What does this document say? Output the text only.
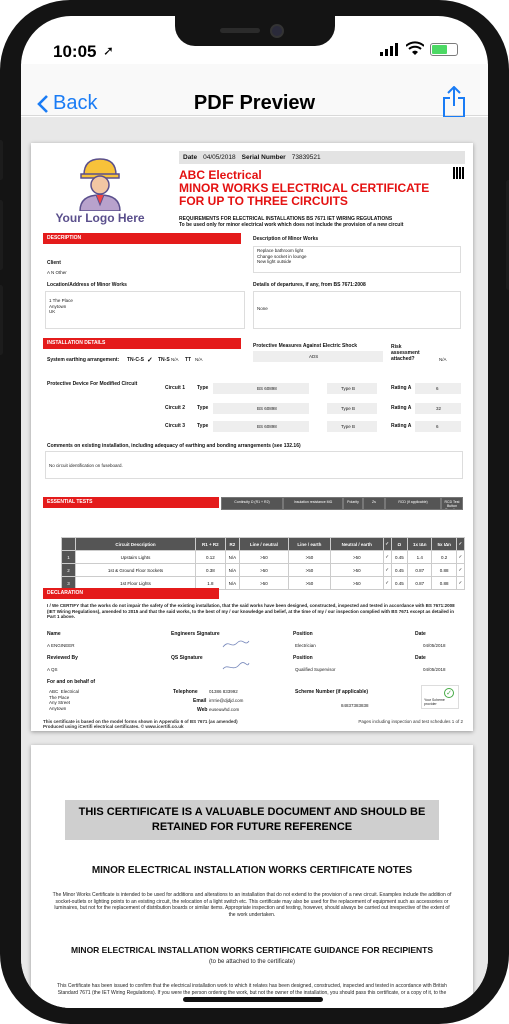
10:05 ➚
Back	PDF Preview
Date 04/05/2018 Serial Number 73839521
Your Logo Here
ABC Electrical
MINOR WORKS ELECTRICAL CERTIFICATE
FOR UP TO THREE CIRCUITS
REQUIREMENTS FOR ELECTRICAL INSTALLATIONS BS 7671 IET WIRING REGULATIONS
To be used only for minor electrical work which does not include the provision of a new circuit
DESCRIPTION	Description of Minor Works
Client
A N Other
Replace bathroom light
Change socket in lounge
New light outside
Location/Address of Minor Works
1 The Place
Anytown
UK
Details of departures, if any, from BS 7671:2008
None
INSTALLATION DETAILS
System earthing arrangement: TN-C-S ✓ TN-S N/A TT N/A
Protective Measures Against Electric Shock
ADS
Risk assessment attached?	N/A
Protective Device For Modified Circuit
Comments on existing installation, including adequacy of earthing and bonding arrangements (see 132.16)
No circuit identification on fuseboard.
ESSENTIAL TESTS
	Circuit Description	R1 + R2	R2	Line / neutral	Line / earth	Neutral / earth	✓	Ω	1x IΔn	5x IΔn	✓
1	Upstairs Lights	0.12	N/A	>50	>50	>50	✓	0.45	1.4	0.2	✓
2	1st & Ground Floor Sockets	0.38	N/A	>50	>50	>50	✓	0.45	0.87	0.88	✓
3	1st Floor Lights	1.8	N/A	>50	>50	>50	✓	0.45	0.87	0.88	✓
DECLARATION
I / We CERTIFY that the works do not impair the safety of the existing installation, that the said works have been designed, constructed, inspected and tested in accordance with BS 7671:2008 (IET Wiring Regulations), amended to 2015 and that the said works, to the best of my / our knowledge and belief, at the time of my / our inspection complied with BS 7671 except as detailed in Part 1 above.
Name
A ENGINEER
Engineers Signature	Position
Electrician
Date
04/05/2018
Reviewed By
A QS
QS Signature	Position
Qualified Supervisor
Date
04/05/2018
For and on behalf of
ABC  Electrical
The Place
Any Street
Anytown
Telephone	01386 833992
Email irrrrie@djdjd.com
Web euseuwhd.com
Scheme Number (if applicable)
84837383838
✓
Your Scheme provider
This certificate is based on the model forms shown in Appendix 6 of BS 7671 (as amended)
Produced using iCertifi electrical certificates. © www.icertifi.co.uk
Pages including inspection and test schedules 1 of 2
Circuit 1 Type	BS 60898	Type B	Rating A	6
Circuit 2 Type	BS 60898	Type B	Rating A	32
Circuit 3 Type	BS 60898	Type B	Rating A	6
Continuity Ω (R1 + R2)	Insulation resistance MΩ	Polarity	Zs	RCD (if applicable)	RCD Test Button Function
THIS CERTIFICATE IS A VALUABLE DOCUMENT AND SHOULD BE RETAINED FOR FUTURE REFERENCE
MINOR ELECTRICAL INSTALLATION WORKS CERTIFICATE NOTES
The Minor Works Certificate is intended to be used for additions and alterations to an installation that do not extend to the provision of a new circuit. Examples include the addition of socket-outlets or lighting points to an existing circuit, the relocation of a light switch etc. This certificate may also be used for the replacement of equipment such as accessories or luminaires, but not for the replacement of distribution boards or similar items. Appropriate inspection and testing, however, should always be carried out irrespective of the extent of the work undertaken.
MINOR ELECTRICAL INSTALLATION WORKS CERTIFICATE GUIDANCE FOR RECIPIENTS
(to be attached to the certificate)
This Certificate has been issued to confirm that the electrical installation work to which it relates has been designed, constructed, inspected and tested in accordance with British Standard 7671 (the IET Wiring Regulations). If you were the person ordering the work, but not the owner of the installation, you should pass this certificate, or a copy of it, to the
